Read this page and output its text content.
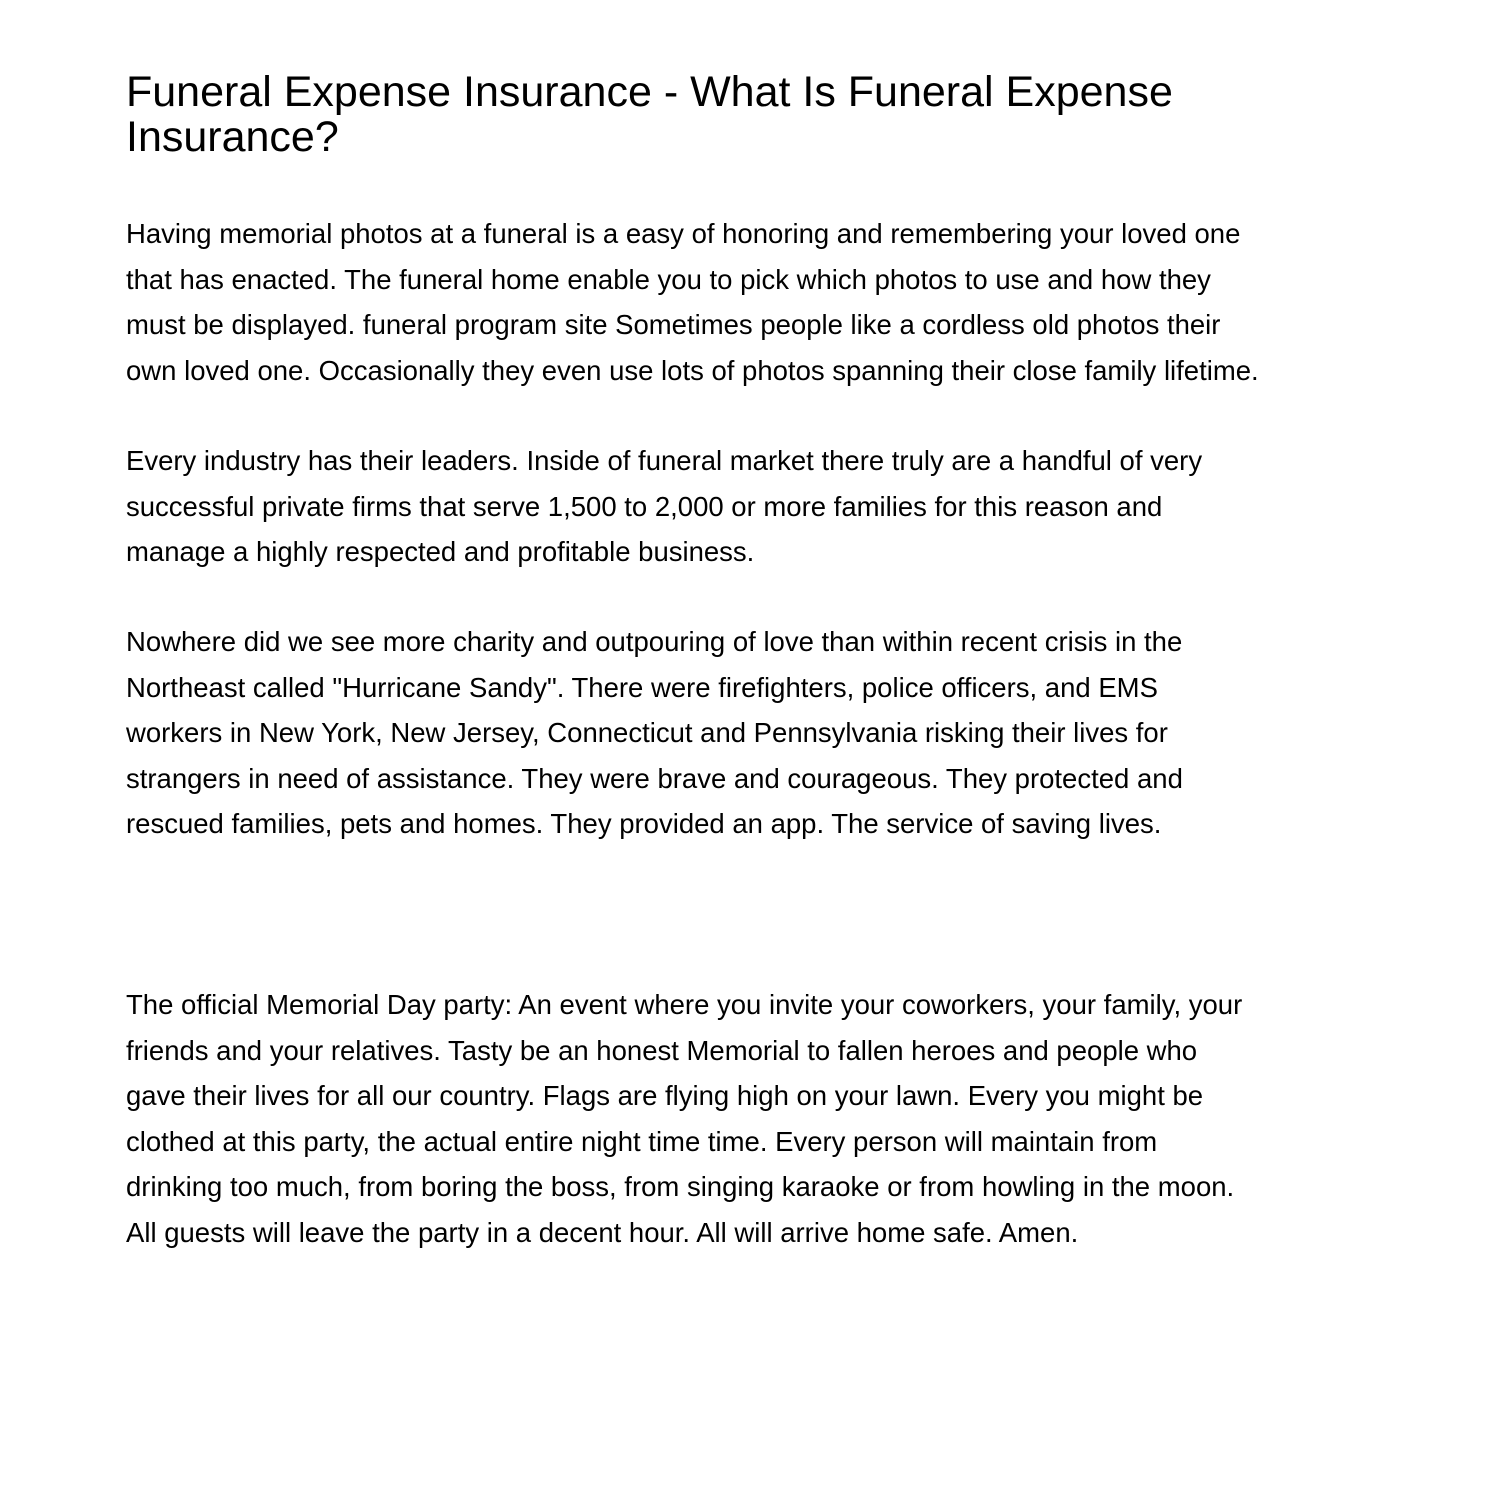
Funeral Expense Insurance - What Is Funeral Expense Insurance?

Having memorial photos at a funeral is a easy of honoring and remembering your loved one
that has enacted. The funeral home enable you to pick which photos to use and how they
must be displayed. funeral program site Sometimes people like a cordless old photos their
own loved one. Occasionally they even use lots of photos spanning their close family lifetime.

Every industry has their leaders. Inside of funeral market there truly are a handful of very
successful private firms that serve 1,500 to 2,000 or more families for this reason and
manage a highly respected and profitable business.

Nowhere did we see more charity and outpouring of love than within recent crisis in the
Northeast called "Hurricane Sandy". There were firefighters, police officers, and EMS
workers in New York, New Jersey, Connecticut and Pennsylvania risking their lives for
strangers in need of assistance. They were brave and courageous. They protected and
rescued families, pets and homes. They provided an app. The service of saving lives.

The official Memorial Day party: An event where you invite your coworkers, your family, your
friends and your relatives. Tasty be an honest Memorial to fallen heroes and people who
gave their lives for all our country. Flags are flying high on your lawn. Every you might be
clothed at this party, the actual entire night time time. Every person will maintain from
drinking too much, from boring the boss, from singing karaoke or from howling in the moon.
All guests will leave the party in a decent hour. All will arrive home safe. Amen.
